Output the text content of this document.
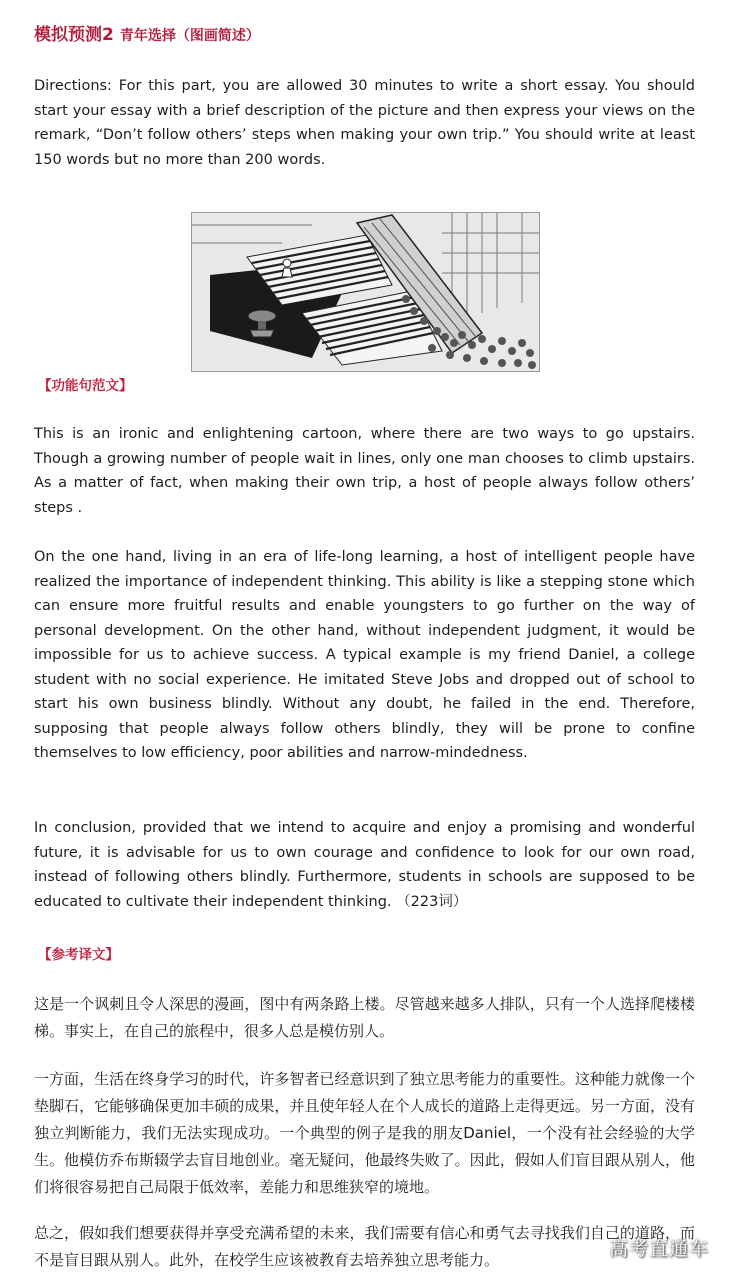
模拟预测2 青年选择（图画简述）

Directions: For this part, you are allowed 30 minutes to write a short essay. You should start your essay with a brief description of the picture and then express your views on the remark, “Don’t follow others’ steps when making your own trip.” You should write at least 150 words but no more than 200 words.

【功能句范文】

This is an ironic and enlightening cartoon, where there are two ways to go upstairs. Though a growing number of people wait in lines, only one man chooses to climb upstairs. As a matter of fact, when making their own trip, a host of people always follow others’ steps .

On the one hand, living in an era of life-long learning, a host of intelligent people have realized the importance of independent thinking. This ability is like a stepping stone which can ensure more fruitful results and enable youngsters to go further on the way of personal development. On the other hand, without independent judgment, it would be impossible for us to achieve success. A typical example is my friend Daniel, a college student with no social experience. He imitated Steve Jobs and dropped out of school to start his own business blindly. Without any doubt, he failed in the end. Therefore, supposing that people always follow others blindly, they will be prone to confine themselves to low efficiency, poor abilities and narrow-mindedness.

In conclusion, provided that we intend to acquire and enjoy a promising and wonderful future, it is advisable for us to own courage and confidence to look for our own road, instead of following others blindly. Furthermore, students in schools are supposed to be educated to cultivate their independent thinking. （223词）

【参考译文】

这是一个讽刺且令人深思的漫画，图中有两条路上楼。尽管越来越多人排队，只有一个人选择爬楼楼梯。事实上，在自己的旅程中，很多人总是模仿别人。

一方面，生活在终身学习的时代，许多智者已经意识到了独立思考能力的重要性。这种能力就像一个垫脚石，它能够确保更加丰硕的成果，并且使年轻人在个人成长的道路上走得更远。另一方面，没有独立判断能力，我们无法实现成功。一个典型的例子是我的朋友Daniel，一个没有社会经验的大学生。他模仿乔布斯辍学去盲目地创业。毫无疑问，他最终失败了。因此，假如人们盲目跟从别人，他们将很容易把自己局限于低效率，差能力和思维狭窄的境地。

总之，假如我们想要获得并享受充满希望的未来，我们需要有信心和勇气去寻找我们自己的道路，而不是盲目跟从别人。此外，在校学生应该被教育去培养独立思考能力。	高考直通车
